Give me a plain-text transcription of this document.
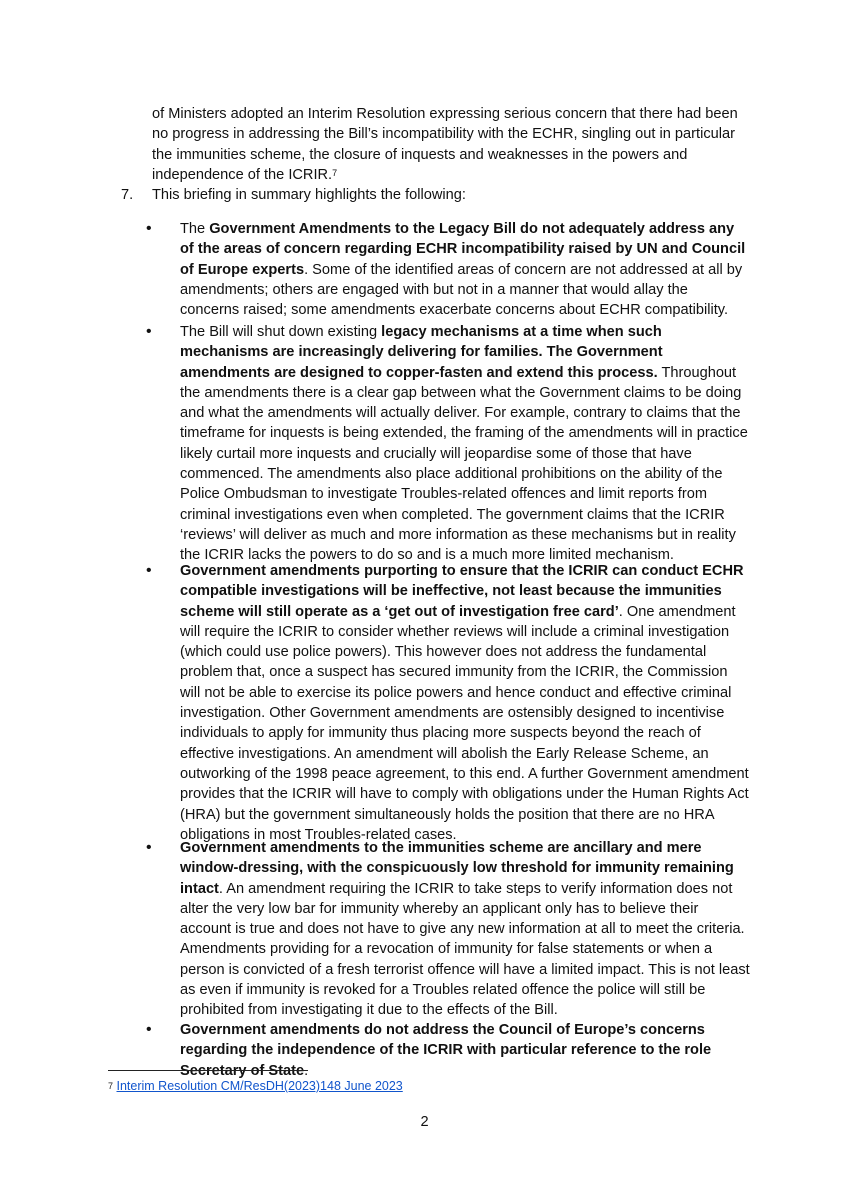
of Ministers adopted an Interim Resolution expressing serious concern that there had been no progress in addressing the Bill’s incompatibility with the ECHR, singling out in particular the immunities scheme, the closure of inquests and weaknesses in the powers and independence of the ICRIR.$^7$
7.	This briefing in summary highlights the following:
•	The Government Amendments to the Legacy Bill do not adequately address any of the areas of concern regarding ECHR incompatibility raised by UN and Council of Europe experts. Some of the identified areas of concern are not addressed at all by amendments; others are engaged with but not in a manner that would allay the concerns raised; some amendments exacerbate concerns about ECHR compatibility.
•	The Bill will shut down existing legacy mechanisms at a time when such mechanisms are increasingly delivering for families. The Government amendments are designed to copper-fasten and extend this process. Throughout the amendments there is a clear gap between what the Government claims to be doing and what the amendments will actually deliver. For example, contrary to claims that the timeframe for inquests is being extended, the framing of the amendments will in practice likely curtail more inquests and crucially will jeopardise some of those that have commenced. The amendments also place additional prohibitions on the ability of the Police Ombudsman to investigate Troubles-related offences and limit reports from criminal investigations even when completed. The government claims that the ICRIR ‘reviews’ will deliver as much and more information as these mechanisms but in reality the ICRIR lacks the powers to do so and is a much more limited mechanism.
•	Government amendments purporting to ensure that the ICRIR can conduct ECHR compatible investigations will be ineffective, not least because the immunities scheme will still operate as a ‘get out of investigation free card’. One amendment will require the ICRIR to consider whether reviews will include a criminal investigation (which could use police powers). This however does not address the fundamental problem that, once a suspect has secured immunity from the ICRIR, the Commission will not be able to exercise its police powers and hence conduct and effective criminal investigation. Other Government amendments are ostensibly designed to incentivise individuals to apply for immunity thus placing more suspects beyond the reach of effective investigations. An amendment will abolish the Early Release Scheme, an outworking of the 1998 peace agreement, to this end. A further Government amendment provides that the ICRIR will have to comply with obligations under the Human Rights Act (HRA) but the government simultaneously holds the position that there are no HRA obligations in most Troubles-related cases.
•	Government amendments to the immunities scheme are ancillary and mere window-dressing, with the conspicuously low threshold for immunity remaining intact. An amendment requiring the ICRIR to take steps to verify information does not alter the very low bar for immunity whereby an applicant only has to believe their account is true and does not have to give any new information at all to meet the criteria. Amendments providing for a revocation of immunity for false statements or when a person is convicted of a fresh terrorist offence will have a limited impact. This is not least as even if immunity is revoked for a Troubles related offence the police will still be prohibited from investigating it due to the effects of the Bill.
•	Government amendments do not address the Council of Europe’s concerns regarding the independence of the ICRIR with particular reference to the role Secretary of State.
$^7$ Interim Resolution CM/ResDH(2023)148 June 2023
2
